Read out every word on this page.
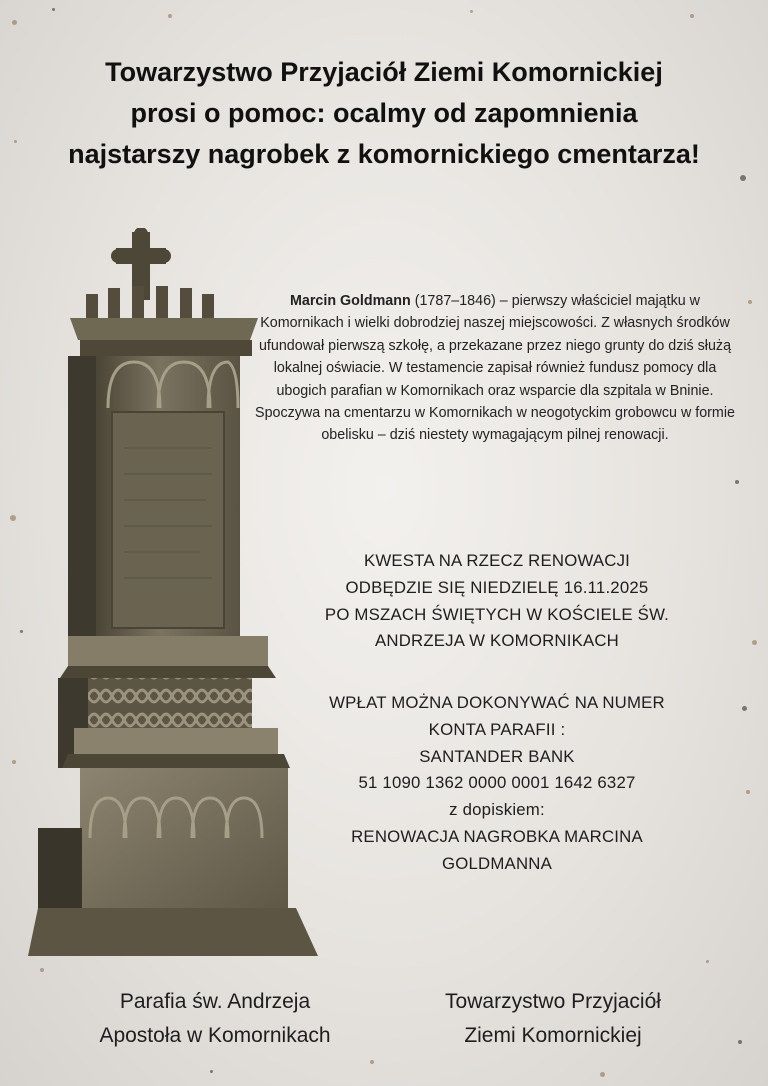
Towarzystwo Przyjaciół Ziemi Komornickiej
prosi o pomoc: ocalmy od zapomnienia
najstarszy nagrobek z komornickiego cmentarza!

Marcin Goldmann (1787–1846) – pierwszy właściciel majątku w Komornikach i wielki dobrodziej naszej miejscowości. Z własnych środków ufundował pierwszą szkołę, a przekazane przez niego grunty do dziś służą lokalnej oświacie. W testamencie zapisał również fundusz pomocy dla ubogich parafian w Komornikach oraz wsparcie dla szpitala w Bninie.

Spoczywa na cmentarzu w Komornikach w neogotyckim grobowcu w formie obelisku – dziś niestety wymagającym pilnej renowacji.

KWESTA NA RZECZ RENOWACJI
ODBĘDZIE SIĘ NIEDZIELĘ 16.11.2025
PO MSZACH ŚWIĘTYCH W KOŚCIELE ŚW.
ANDRZEJA W KOMORNIKACH
WPŁAT MOŻNA DOKONYWAĆ NA NUMER
KONTA PARAFII :
SANTANDER BANK
51 1090 1362 0000 0001 1642 6327
z dopiskiem:
RENOWACJA NAGROBKA MARCINA
GOLDMANNA
Parafia św. Andrzeja
Apostoła w Komornikach
Towarzystwo Przyjaciół
Ziemi Komornickiej
